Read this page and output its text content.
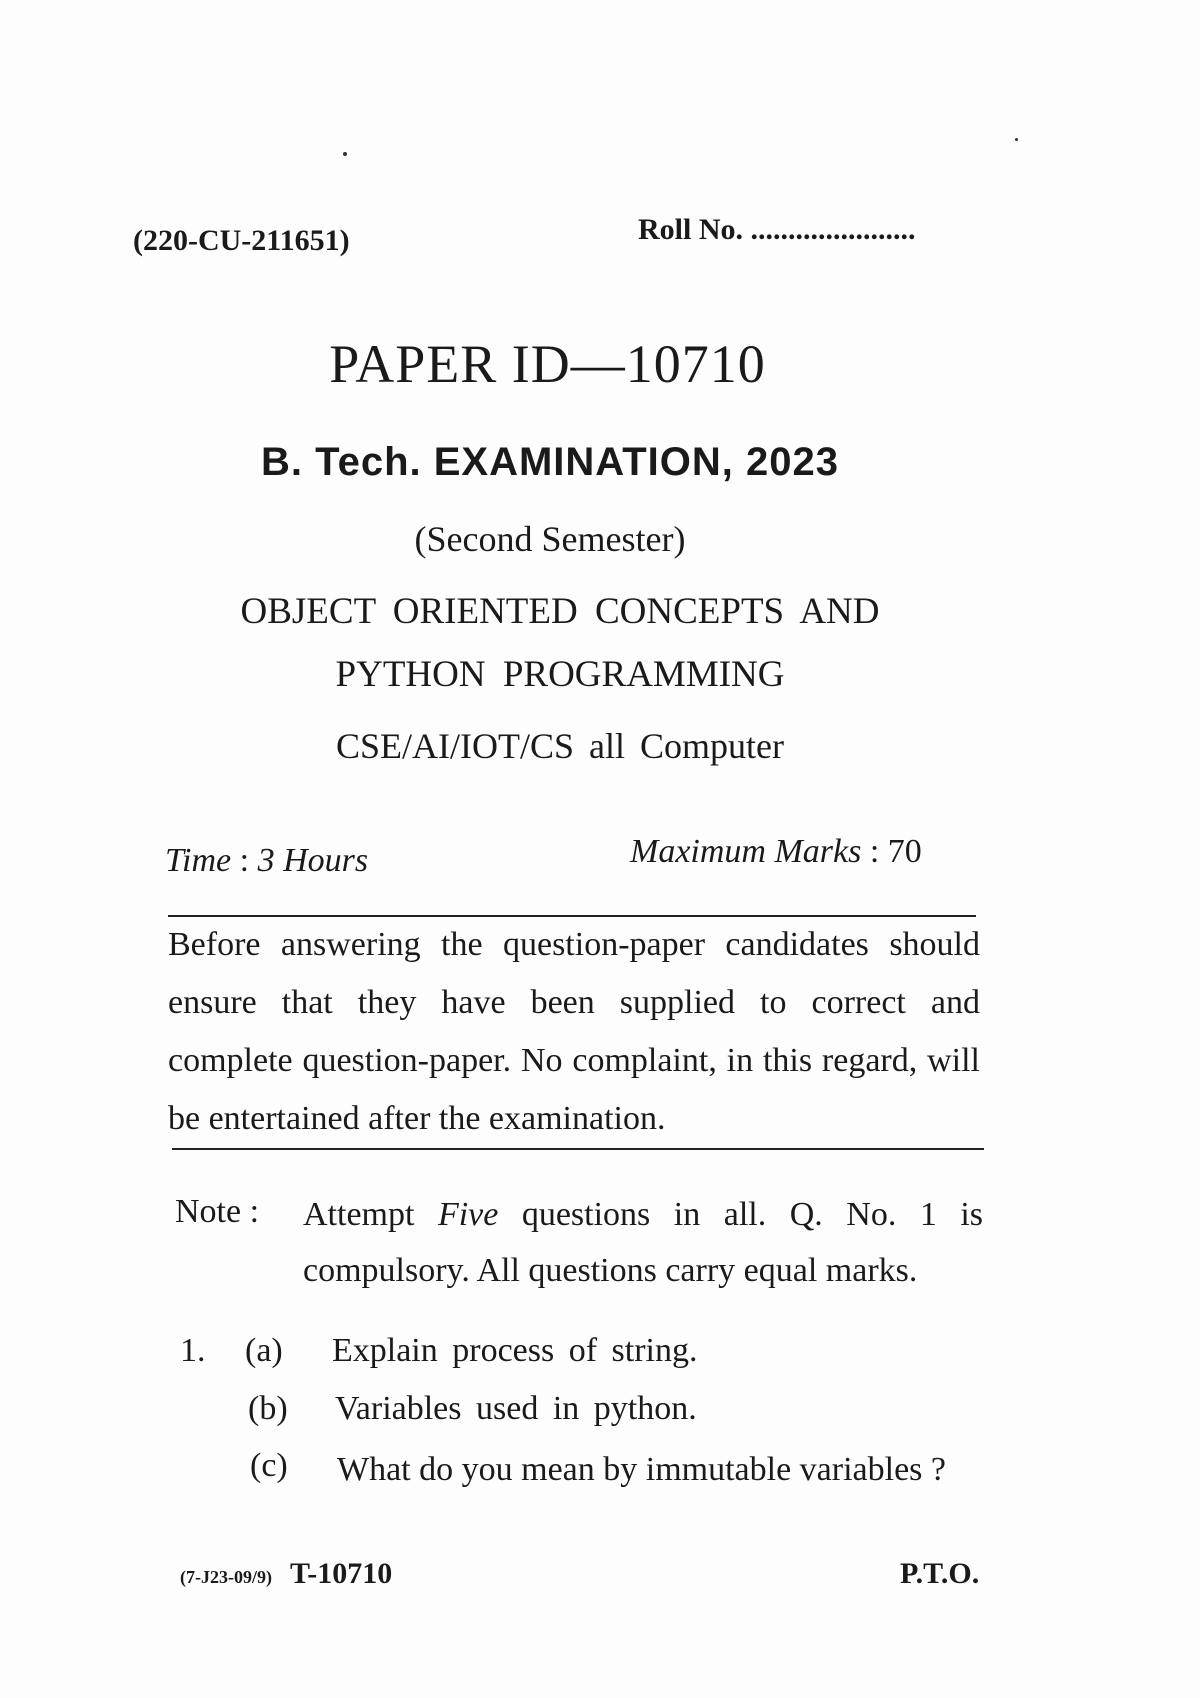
(220-CU-211651)	Roll No. ......................
PAPER ID—10710
B. Tech. EXAMINATION, 2023
(Second Semester)
OBJECT ORIENTED CONCEPTS AND
PYTHON PROGRAMMING
CSE/AI/IOT/CS all Computer
Time : 3 Hours	Maximum Marks : 70
Before answering the question-paper candidates should ensure that they have been supplied to correct and complete question-paper. No complaint, in this regard, will be entertained after the examination.
Note : Attempt Five questions in all. Q. No. 1 is compulsory. All questions carry equal marks.
1. (a) Explain process of string.
(b) Variables used in python.
(c) What do you mean by immutable variables ?
(7-J23-09/9) T-10710	P.T.O.
